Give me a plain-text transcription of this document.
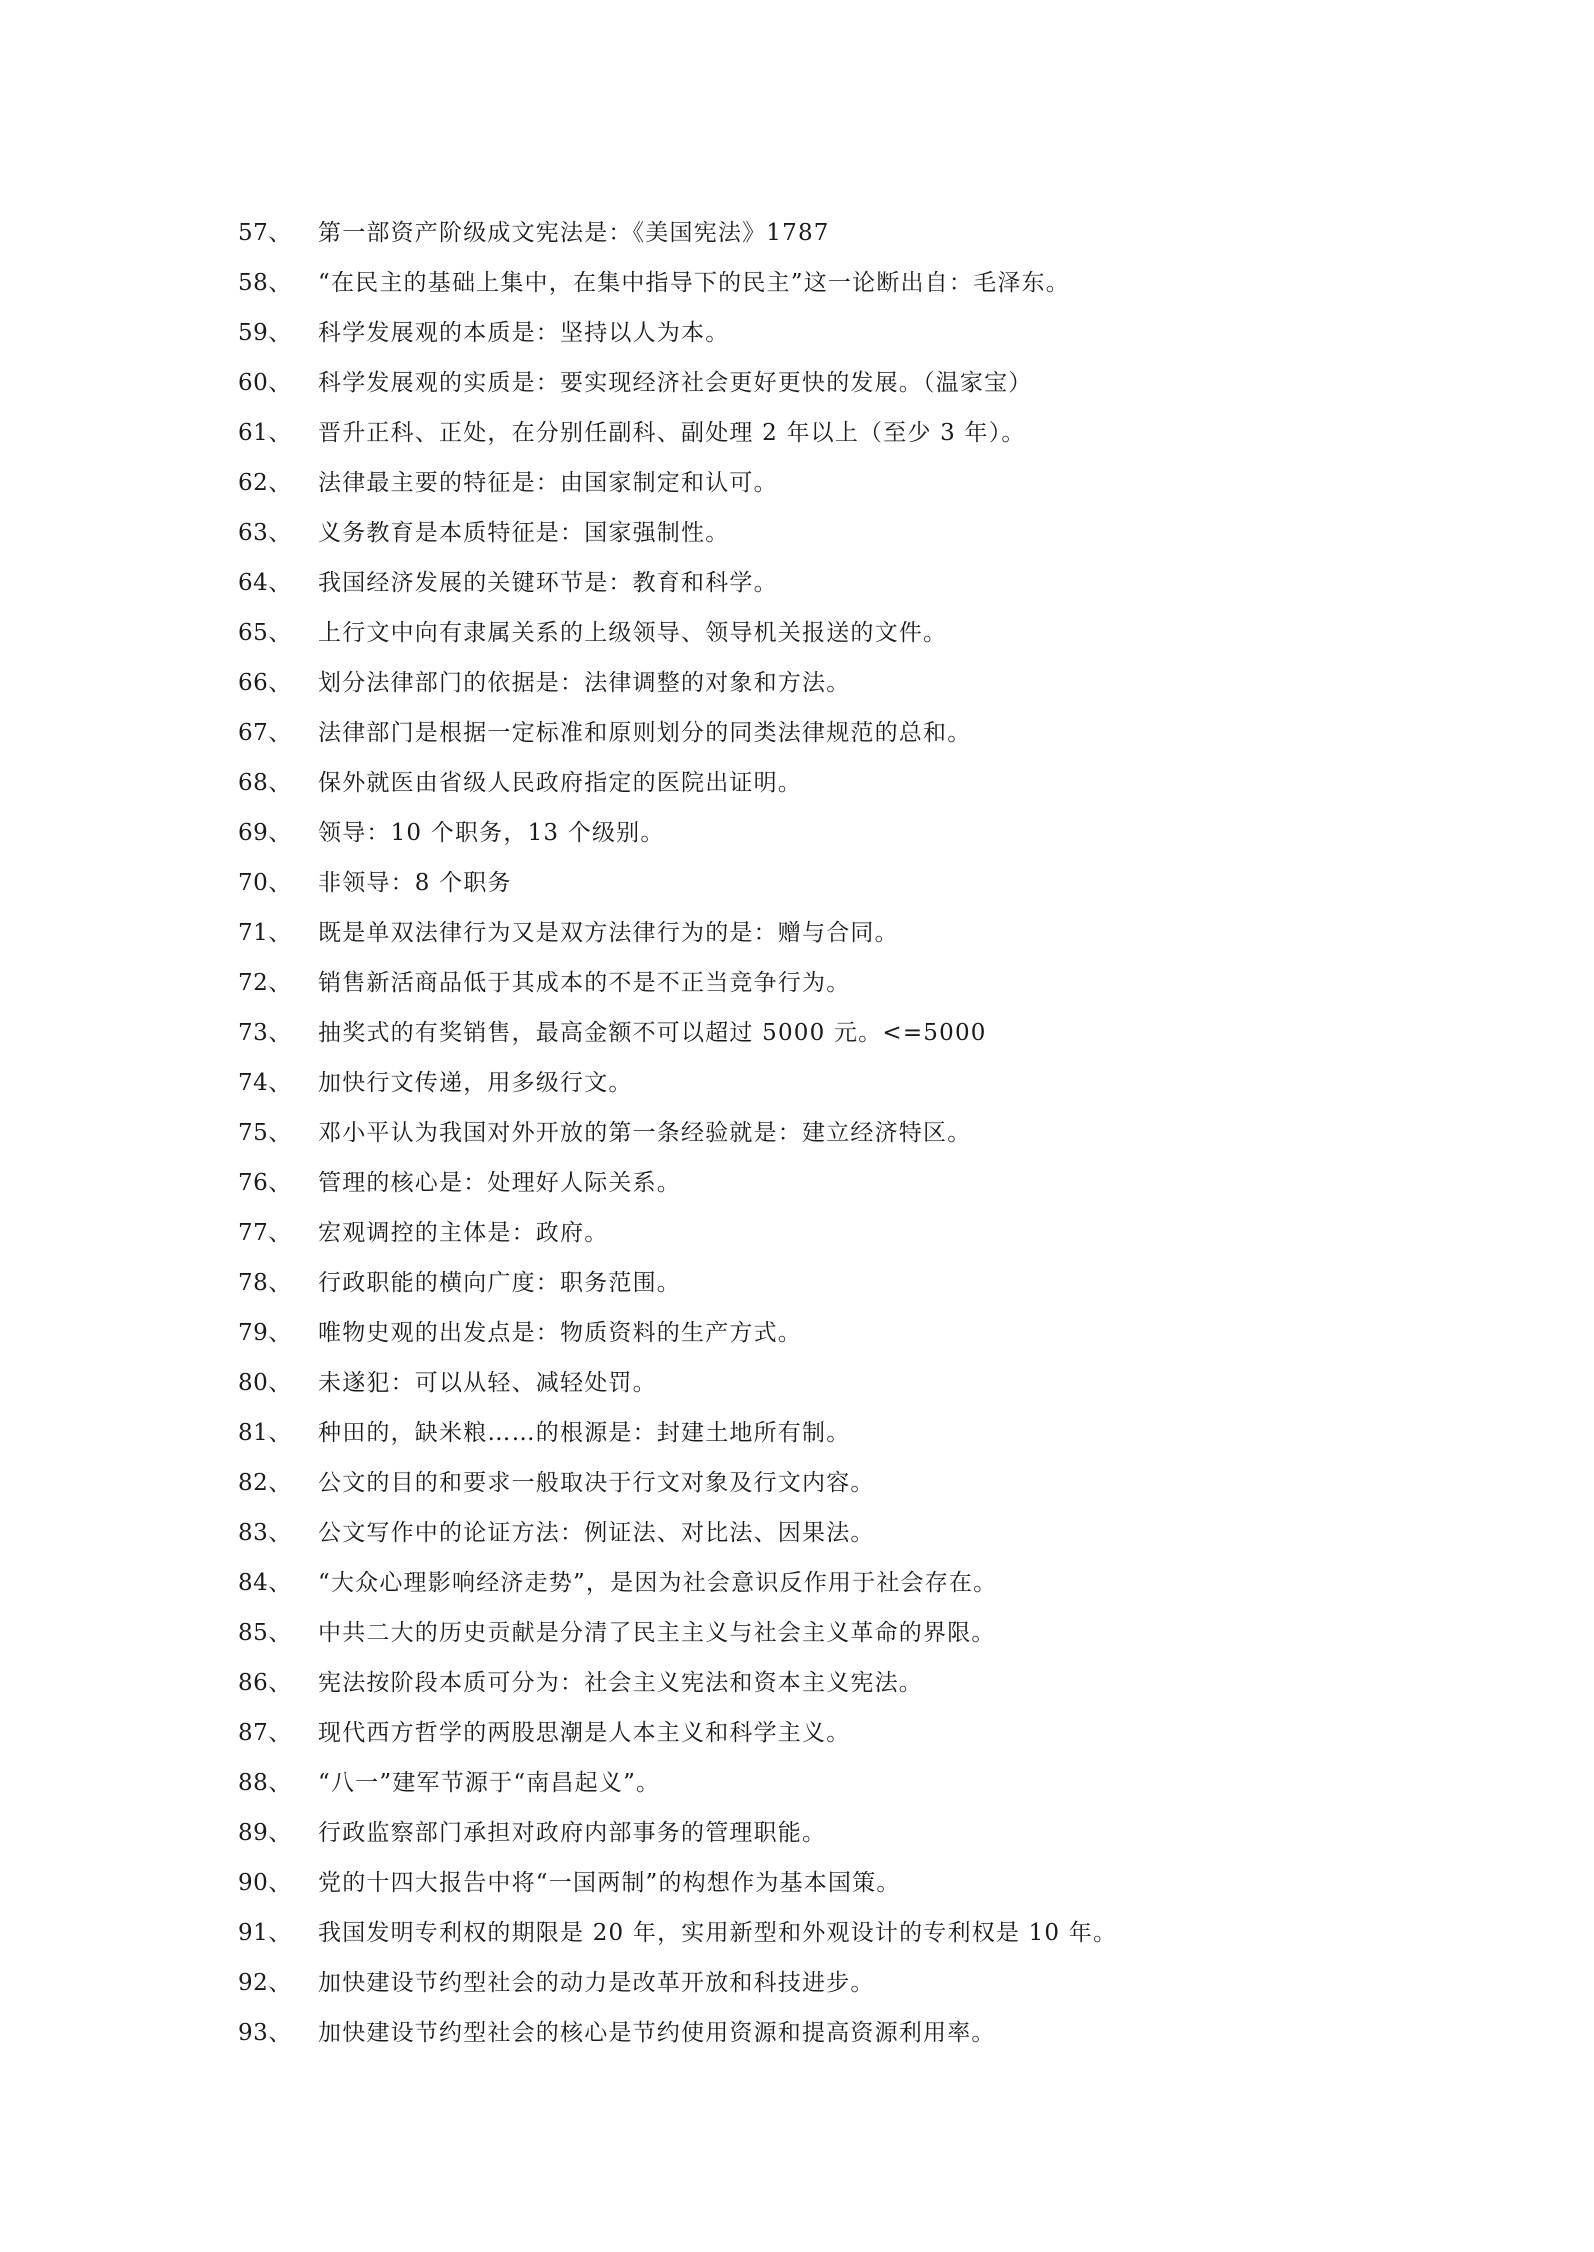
57、	第一部资产阶级成文宪法是：《美国宪法》1787
58、	“在民主的基础上集中，在集中指导下的民主”这一论断出自：毛泽东。
59、	科学发展观的本质是：坚持以人为本。
60、	科学发展观的实质是：要实现经济社会更好更快的发展。（温家宝）
61、	晋升正科、正处，在分别任副科、副处理 2 年以上（至少 3 年）。
62、	法律最主要的特征是：由国家制定和认可。
63、	义务教育是本质特征是：国家强制性。
64、	我国经济发展的关键环节是：教育和科学。
65、	上行文中向有隶属关系的上级领导、领导机关报送的文件。
66、	划分法律部门的依据是：法律调整的对象和方法。
67、	法律部门是根据一定标准和原则划分的同类法律规范的总和。
68、	保外就医由省级人民政府指定的医院出证明。
69、	领导：10 个职务，13 个级别。
70、	非领导：8 个职务
71、	既是单双法律行为又是双方法律行为的是：赠与合同。
72、	销售新活商品低于其成本的不是不正当竞争行为。
73、	抽奖式的有奖销售，最高金额不可以超过 5000 元。<=5000
74、	加快行文传递，用多级行文。
75、	邓小平认为我国对外开放的第一条经验就是：建立经济特区。
76、	管理的核心是：处理好人际关系。
77、	宏观调控的主体是：政府。
78、	行政职能的横向广度：职务范围。
79、	唯物史观的出发点是：物质资料的生产方式。
80、	未遂犯：可以从轻、减轻处罚。
81、	种田的，缺米粮……的根源是：封建土地所有制。
82、	公文的目的和要求一般取决于行文对象及行文内容。
83、	公文写作中的论证方法：例证法、对比法、因果法。
84、	“大众心理影响经济走势”，是因为社会意识反作用于社会存在。
85、	中共二大的历史贡献是分清了民主主义与社会主义革命的界限。
86、	宪法按阶段本质可分为：社会主义宪法和资本主义宪法。
87、	现代西方哲学的两股思潮是人本主义和科学主义。
88、	“八一”建军节源于“南昌起义”。
89、	行政监察部门承担对政府内部事务的管理职能。
90、	党的十四大报告中将“一国两制”的构想作为基本国策。
91、	我国发明专利权的期限是 20 年，实用新型和外观设计的专利权是 10 年。
92、	加快建设节约型社会的动力是改革开放和科技进步。
93、	加快建设节约型社会的核心是节约使用资源和提高资源利用率。
